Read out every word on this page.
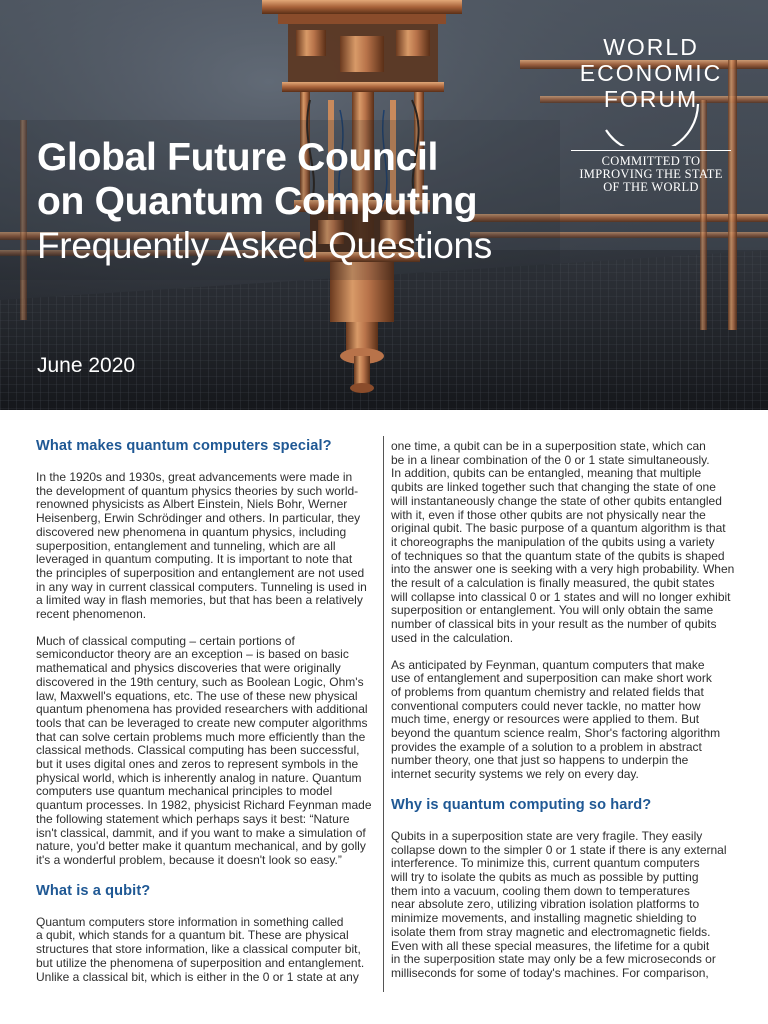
Global Future Council
on Quantum Computing
Frequently Asked Questions
June 2020
WORLD
ECONOMIC
FORUM
COMMITTED TO
IMPROVING THE STATE
OF THE WORLD
What makes quantum computers special?

In the 1920s and 1930s, great advancements were made in
the development of quantum physics theories by such world-
renowned physicists as Albert Einstein, Niels Bohr, Werner
Heisenberg, Erwin Schrödinger and others. In particular, they
discovered new phenomena in quantum physics, including
superposition, entanglement and tunneling, which are all
leveraged in quantum computing. It is important to note that
the principles of superposition and entanglement are not used
in any way in current classical computers. Tunneling is used in
a limited way in flash memories, but that has been a relatively
recent phenomenon.

Much of classical computing – certain portions of
semiconductor theory are an exception – is based on basic
mathematical and physics discoveries that were originally
discovered in the 19th century, such as Boolean Logic, Ohm's
law, Maxwell's equations, etc. The use of these new physical
quantum phenomena has provided researchers with additional
tools that can be leveraged to create new computer algorithms
that can solve certain problems much more efficiently than the
classical methods. Classical computing has been successful,
but it uses digital ones and zeros to represent symbols in the
physical world, which is inherently analog in nature. Quantum
computers use quantum mechanical principles to model
quantum processes. In 1982, physicist Richard Feynman made
the following statement which perhaps says it best: “Nature
isn't classical, dammit, and if you want to make a simulation of
nature, you'd better make it quantum mechanical, and by golly
it's a wonderful problem, because it doesn't look so easy.”

What is a qubit?

Quantum computers store information in something called
a qubit, which stands for a quantum bit. These are physical
structures that store information, like a classical computer bit,
but utilize the phenomena of superposition and entanglement.
Unlike a classical bit, which is either in the 0 or 1 state at any

one time, a qubit can be in a superposition state, which can
be in a linear combination of the 0 or 1 state simultaneously.
In addition, qubits can be entangled, meaning that multiple
qubits are linked together such that changing the state of one
will instantaneously change the state of other qubits entangled
with it, even if those other qubits are not physically near the
original qubit. The basic purpose of a quantum algorithm is that
it choreographs the manipulation of the qubits using a variety
of techniques so that the quantum state of the qubits is shaped
into the answer one is seeking with a very high probability. When
the result of a calculation is finally measured, the qubit states
will collapse into classical 0 or 1 states and will no longer exhibit
superposition or entanglement. You will only obtain the same
number of classical bits in your result as the number of qubits
used in the calculation.

As anticipated by Feynman, quantum computers that make
use of entanglement and superposition can make short work
of problems from quantum chemistry and related fields that
conventional computers could never tackle, no matter how
much time, energy or resources were applied to them. But
beyond the quantum science realm, Shor's factoring algorithm
provides the example of a solution to a problem in abstract
number theory, one that just so happens to underpin the
internet security systems we rely on every day.

Why is quantum computing so hard?

Qubits in a superposition state are very fragile. They easily
collapse down to the simpler 0 or 1 state if there is any external
interference. To minimize this, current quantum computers
will try to isolate the qubits as much as possible by putting
them into a vacuum, cooling them down to temperatures
near absolute zero, utilizing vibration isolation platforms to
minimize movements, and installing magnetic shielding to
isolate them from stray magnetic and electromagnetic fields.
Even with all these special measures, the lifetime for a qubit
in the superposition state may only be a few microseconds or
milliseconds for some of today's machines. For comparison,
